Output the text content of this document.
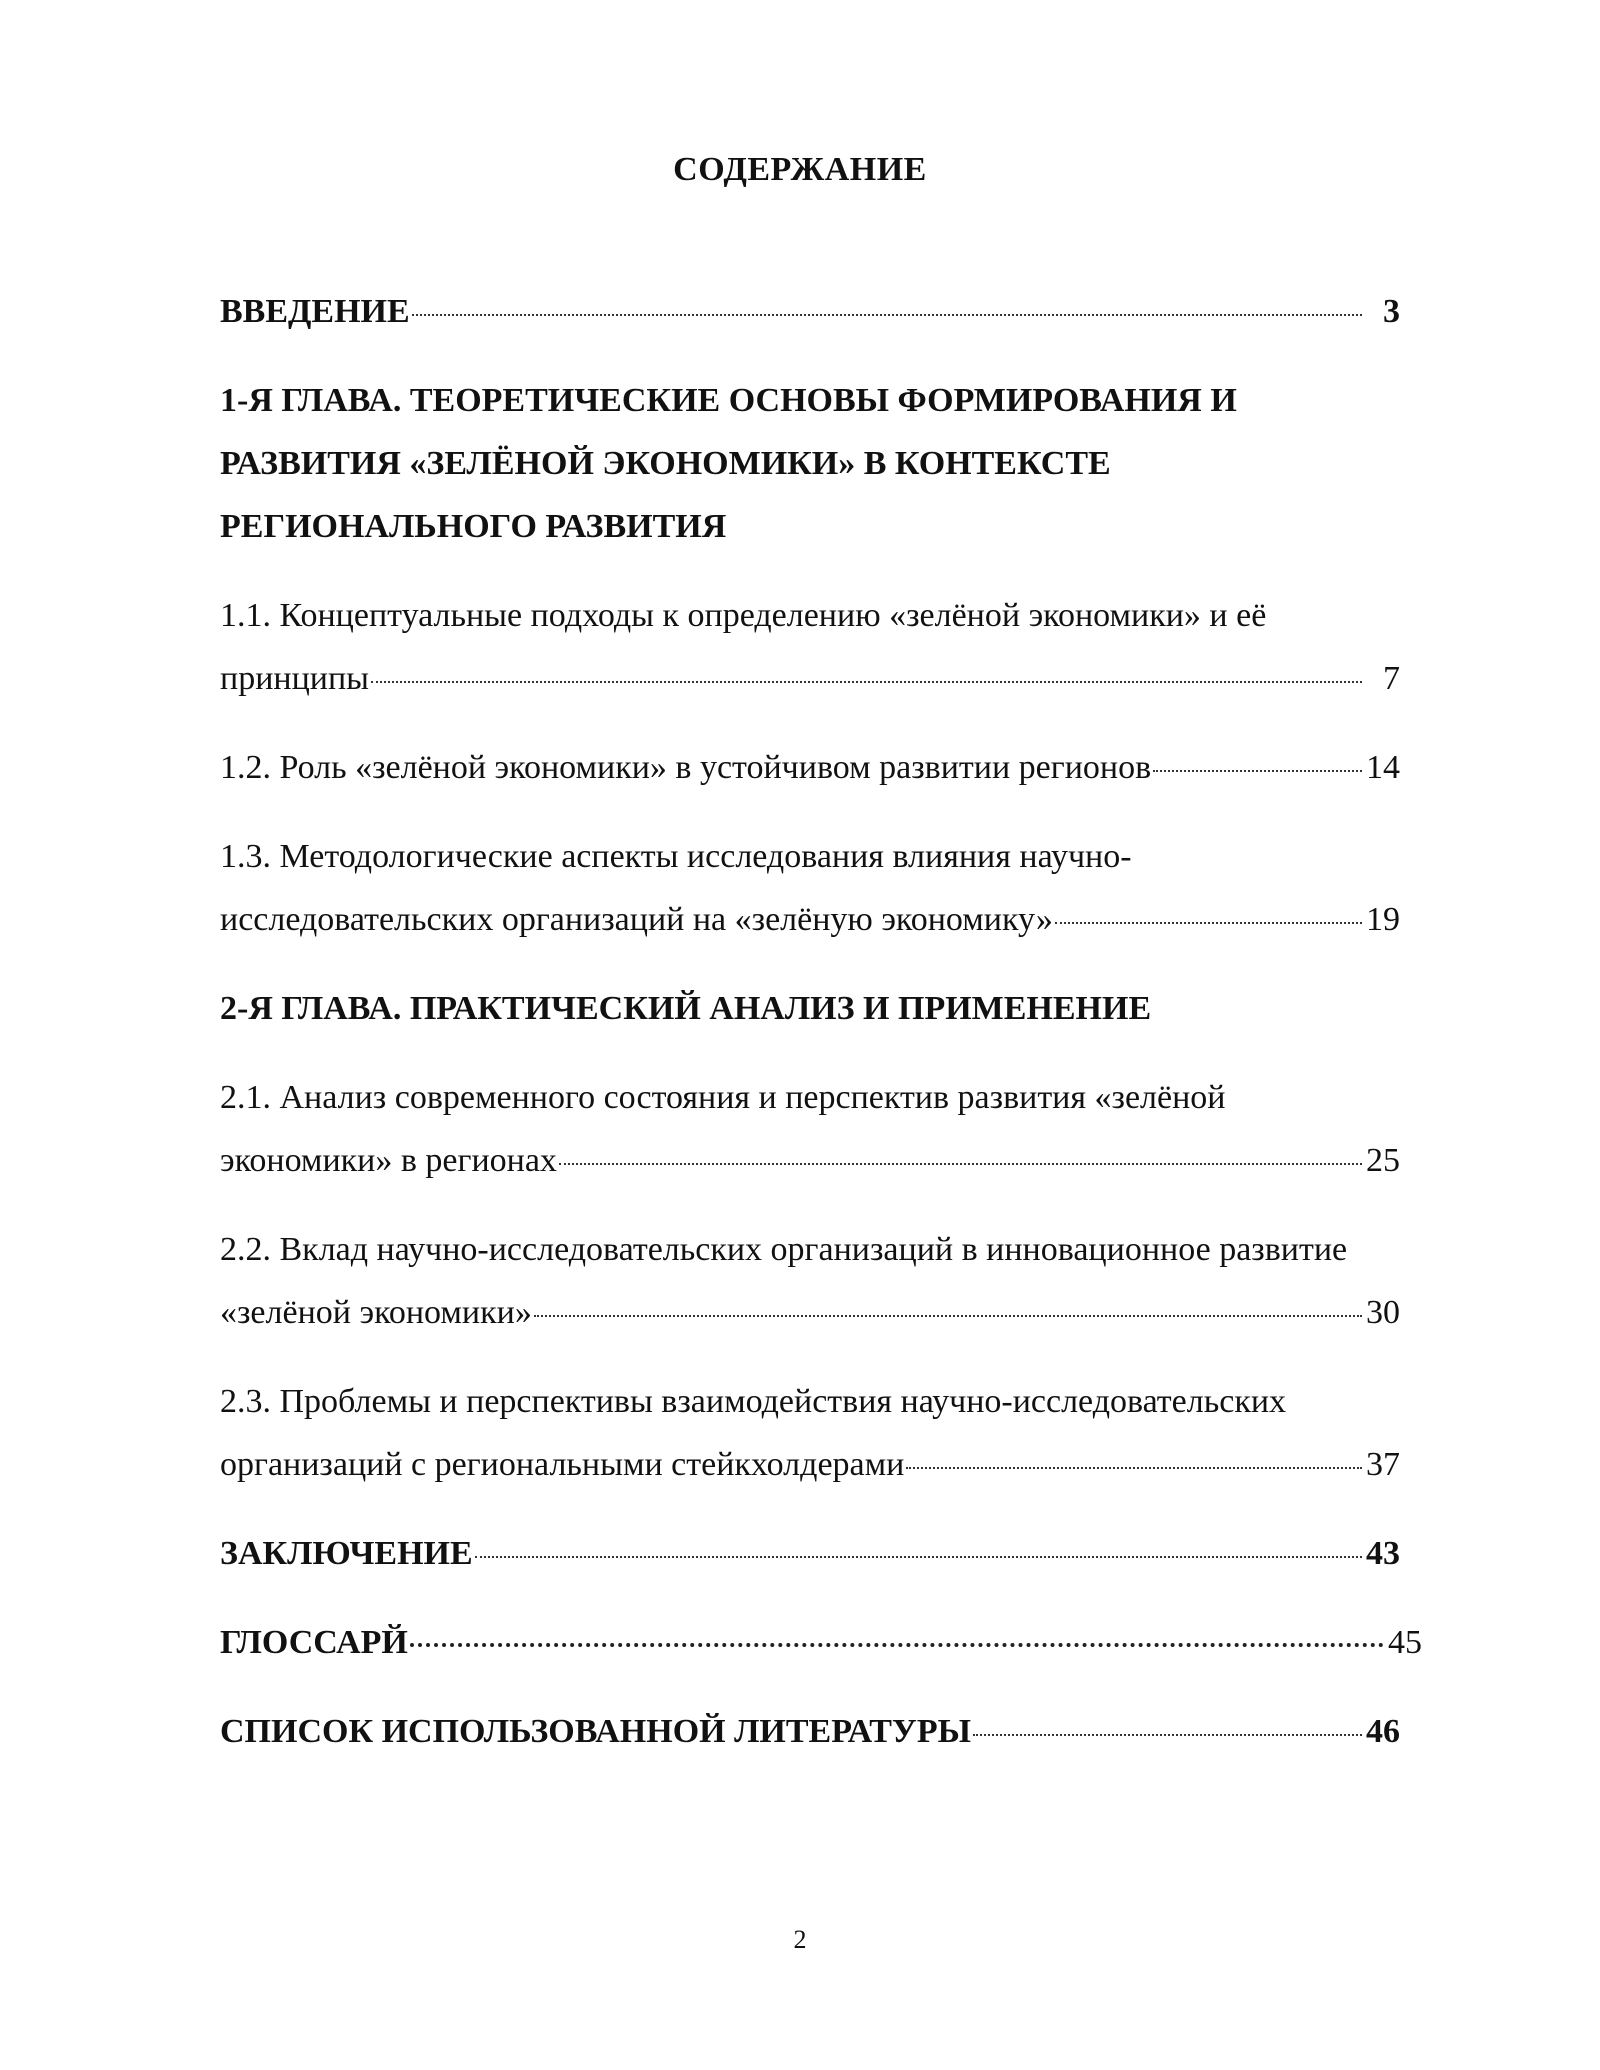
СОДЕРЖАНИЕ
ВВЕДЕНИЕ	3
1-Я ГЛАВА. ТЕОРЕТИЧЕСКИЕ ОСНОВЫ ФОРМИРОВАНИЯ И
РАЗВИТИЯ «ЗЕЛЁНОЙ ЭКОНОМИКИ» В КОНТЕКСТЕ
РЕГИОНАЛЬНОГО РАЗВИТИЯ
1.1. Концептуальные подходы к определению «зелёной экономики» и её
принципы	7
1.2. Роль «зелёной экономики» в устойчивом развитии регионов	14
1.3. Методологические аспекты исследования влияния научно-
исследовательских организаций на «зелёную экономику»	19
2-Я ГЛАВА. ПРАКТИЧЕСКИЙ АНАЛИЗ И ПРИМЕНЕНИЕ
2.1. Анализ современного состояния и перспектив развития «зелёной
экономики» в регионах	25
2.2. Вклад научно-исследовательских организаций в инновационное развитие
«зелёной экономики»	30
2.3. Проблемы и перспективы взаимодействия научно-исследовательских
организаций с региональными стейкхолдерами	37
ЗАКЛЮЧЕНИЕ	43
ГЛОССАРЙ	45
СПИСОК ИСПОЛЬЗОВАННОЙ ЛИТЕРАТУРЫ	46
2
